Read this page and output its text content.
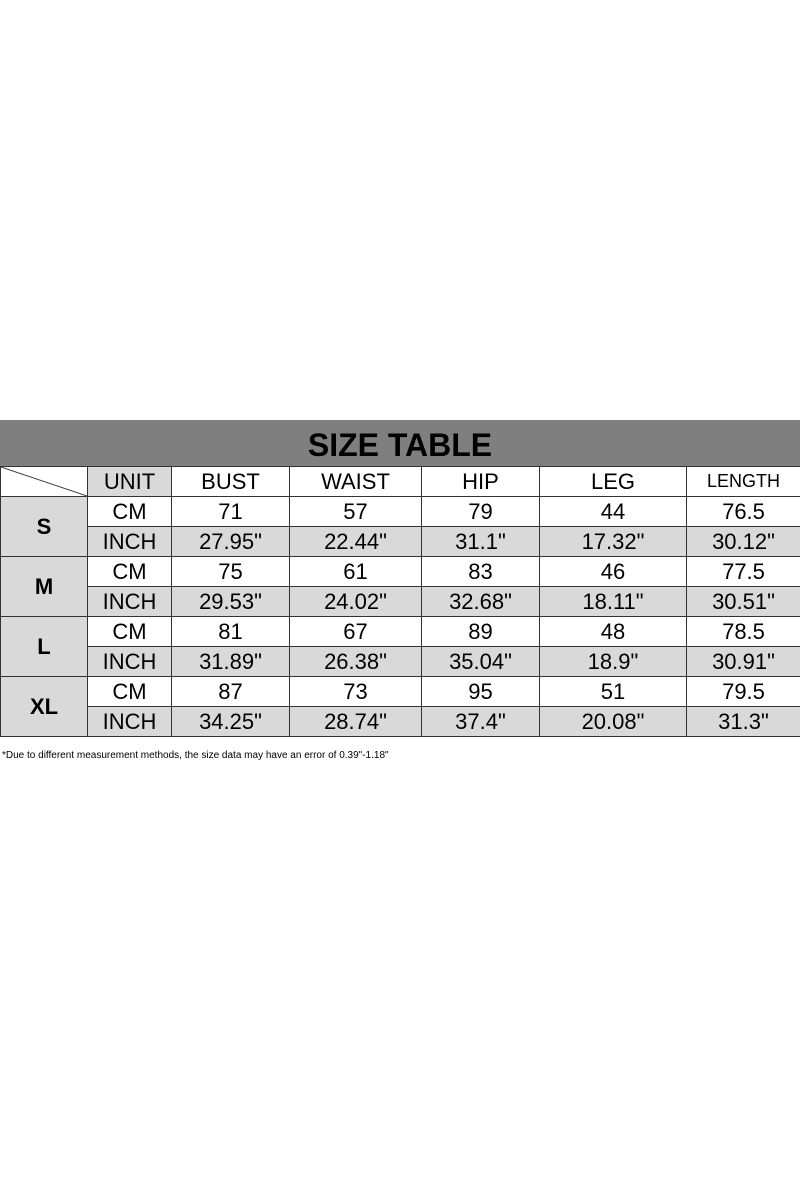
SIZE TABLE
	UNIT	BUST	WAIST	HIP	LEG	LENGTH
S	CM	71	57	79	44	76.5
	INCH	27.95"	22.44"	31.1"	17.32"	30.12"
M	CM	75	61	83	46	77.5
	INCH	29.53"	24.02"	32.68"	18.11"	30.51"
L	CM	81	67	89	48	78.5
	INCH	31.89"	26.38"	35.04"	18.9"	30.91"
XL	CM	87	73	95	51	79.5
	INCH	34.25"	28.74"	37.4"	20.08"	31.3"
*Due to different measurement methods, the size data may have an error of 0.39"-1.18"
